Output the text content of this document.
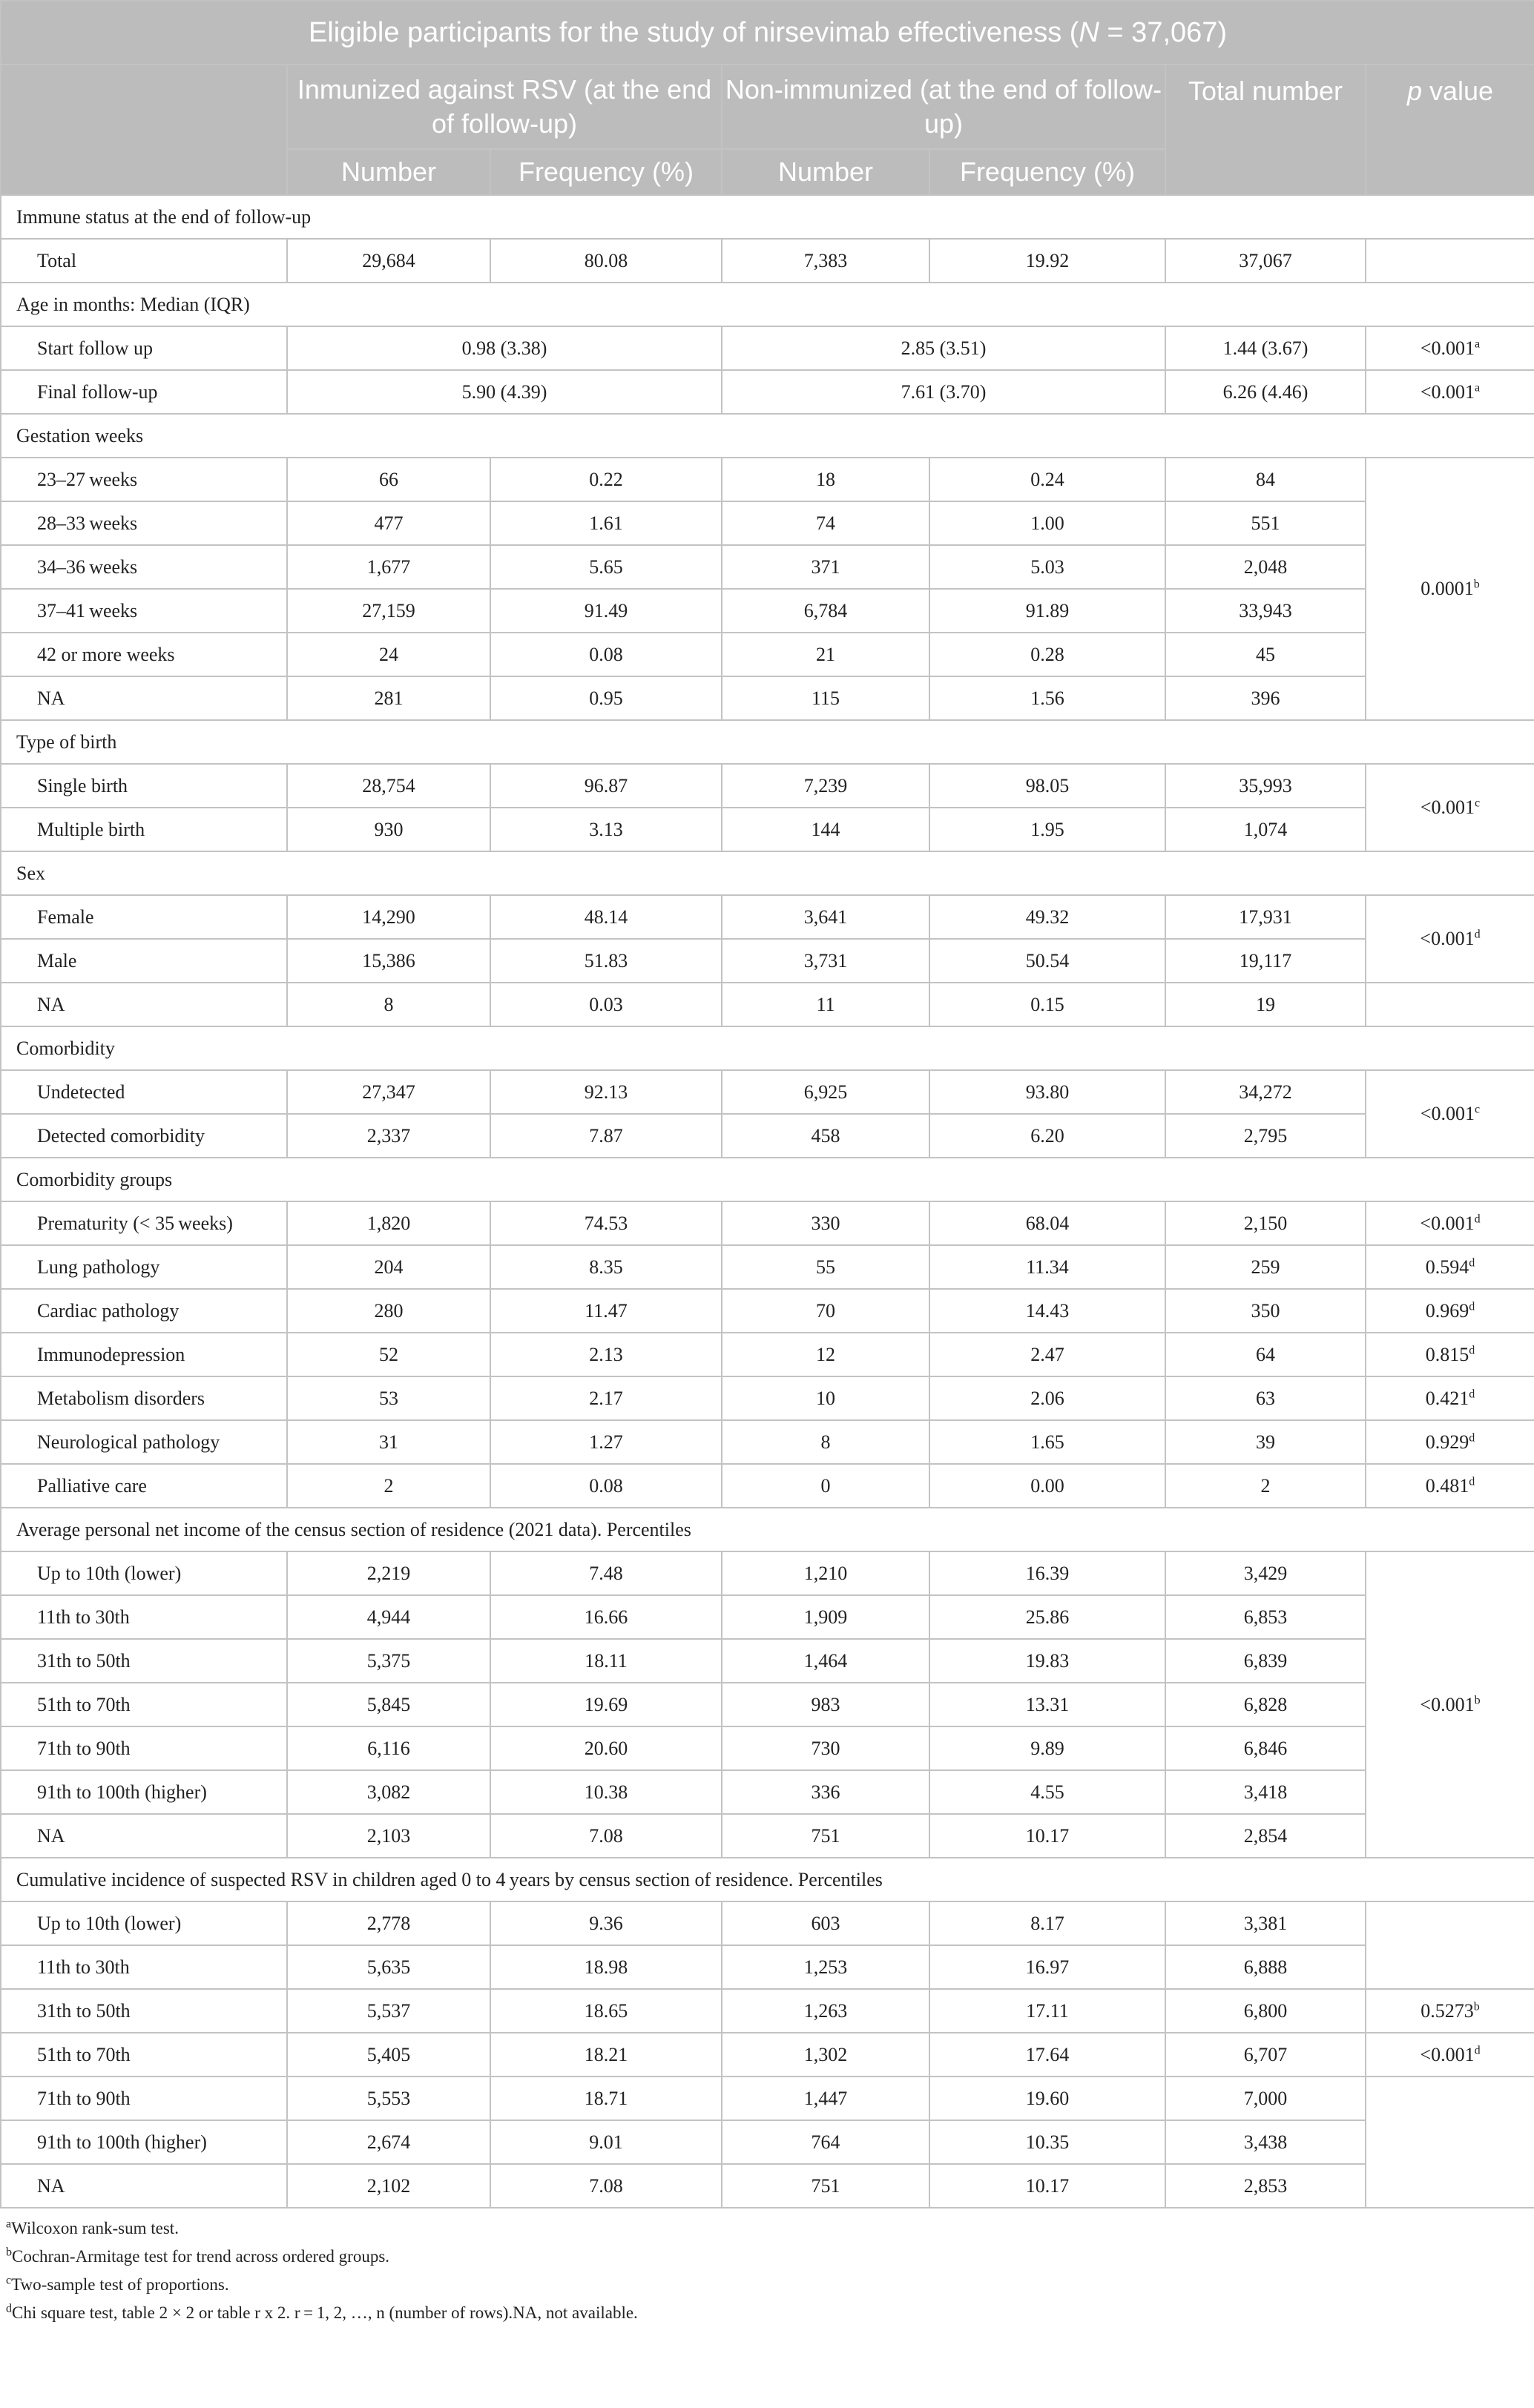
Eligible participants for the study of nirsevimab effectiveness (N = 37,067)						
	Inmunized against RSV (at the end of follow-up)		Non-immunized (at the end of follow-up)		Total number	p value
	Number	Frequency (%)	Number	Frequency (%)		
Immune status at the end of follow-up						
Total	29,684	80.08	7,383	19.92	37,067	
Age in months: Median (IQR)						
Start follow up	0.98 (3.38)		2.85 (3.51)		1.44 (3.67)	<0.001$^a$
Final follow-up	5.90 (4.39)		7.61 (3.70)		6.26 (4.46)	<0.001$^a$
Gestation weeks						
23–27 weeks	66	0.22	18	0.24	84	0.0001$^b$
28–33 weeks	477	1.61	74	1.00	551	
34–36 weeks	1,677	5.65	371	5.03	2,048	
37–41 weeks	27,159	91.49	6,784	91.89	33,943	
42 or more weeks	24	0.08	21	0.28	45	
NA	281	0.95	115	1.56	396	
Type of birth						
Single birth	28,754	96.87	7,239	98.05	35,993	<0.001$^c$
Multiple birth	930	3.13	144	1.95	1,074	
Sex						
Female	14,290	48.14	3,641	49.32	17,931	<0.001$^d$
Male	15,386	51.83	3,731	50.54	19,117	
NA	8	0.03	11	0.15	19	
Comorbidity						
Undetected	27,347	92.13	6,925	93.80	34,272	<0.001$^c$
Detected comorbidity	2,337	7.87	458	6.20	2,795	
Comorbidity groups						
Prematurity (< 35 weeks)	1,820	74.53	330	68.04	2,150	<0.001$^d$
Lung pathology	204	8.35	55	11.34	259	0.594$^d$
Cardiac pathology	280	11.47	70	14.43	350	0.969$^d$
Immunodepression	52	2.13	12	2.47	64	0.815$^d$
Metabolism disorders	53	2.17	10	2.06	63	0.421$^d$
Neurological pathology	31	1.27	8	1.65	39	0.929$^d$
Palliative care	2	0.08	0	0.00	2	0.481$^d$
Average personal net income of the census section of residence (2021 data). Percentiles						
Up to 10th (lower)	2,219	7.48	1,210	16.39	3,429	<0.001$^b$
11th to 30th	4,944	16.66	1,909	25.86	6,853	
31th to 50th	5,375	18.11	1,464	19.83	6,839	
51th to 70th	5,845	19.69	983	13.31	6,828	
71th to 90th	6,116	20.60	730	9.89	6,846	
91th to 100th (higher)	3,082	10.38	336	4.55	3,418	
NA	2,103	7.08	751	10.17	2,854	
Cumulative incidence of suspected RSV in children aged 0 to 4 years by census section of residence. Percentiles						
Up to 10th (lower)	2,778	9.36	603	8.17	3,381	
11th to 30th	5,635	18.98	1,253	16.97	6,888	
31th to 50th	5,537	18.65	1,263	17.11	6,800	0.5273$^b$
51th to 70th	5,405	18.21	1,302	17.64	6,707	<0.001$^d$
71th to 90th	5,553	18.71	1,447	19.60	7,000	
91th to 100th (higher)	2,674	9.01	764	10.35	3,438	
NA	2,102	7.08	751	10.17	2,853	
$^a$Wilcoxon rank-sum test.
$^b$Cochran-Armitage test for trend across ordered groups.
$^c$Two-sample test of proportions.
$^d$Chi square test, table 2 × 2 or table r x 2. r = 1, 2, …, n (number of rows).NA, not available.
